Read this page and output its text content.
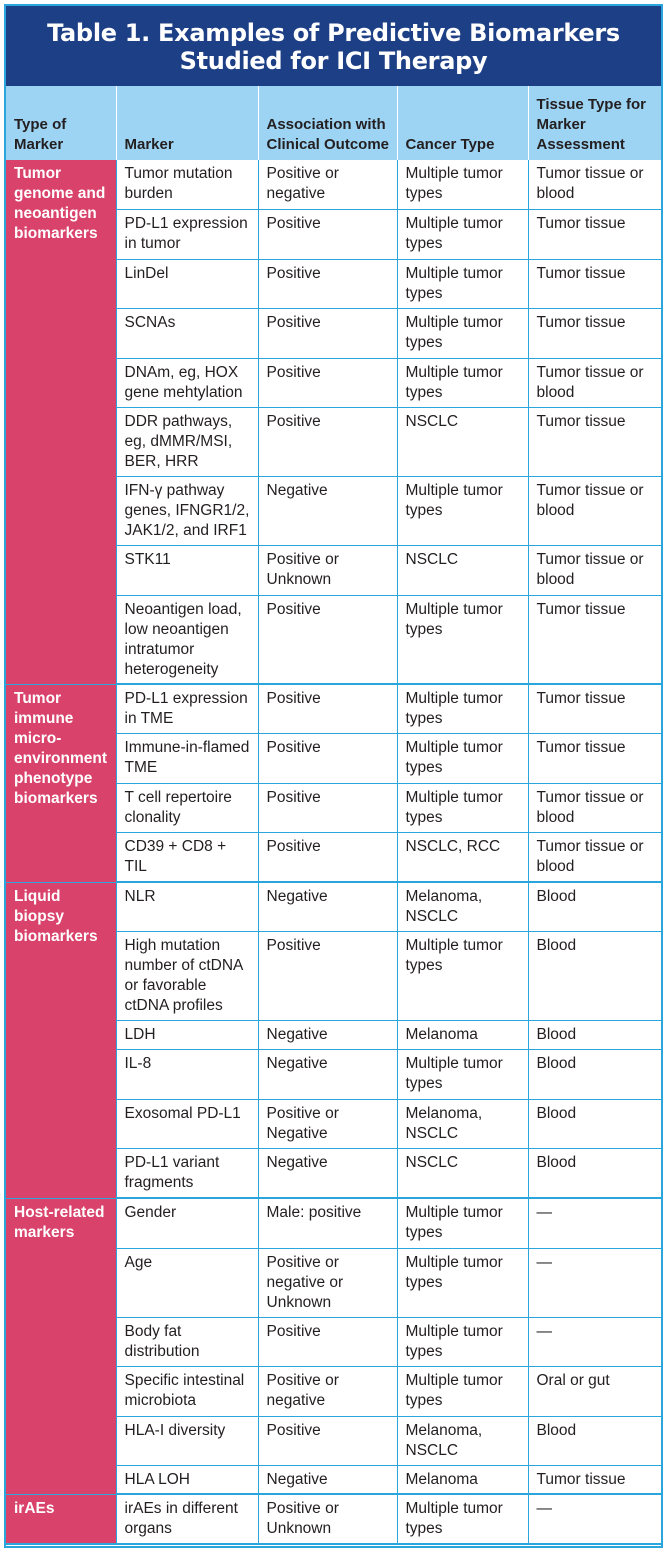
Table 1. Examples of Predictive Biomarkers
Studied for ICI Therapy
Type of Marker	Marker	Association with Clinical Outcome	Cancer Type	Tissue Type for Marker Assessment
Tumor genome and neoantigen biomarkers	Tumor mutation burden	Positive or negative	Multiple tumor types	Tumor tissue or blood
	PD-L1 expression in tumor	Positive	Multiple tumor types	Tumor tissue
	LinDel	Positive	Multiple tumor types	Tumor tissue
	SCNAs	Positive	Multiple tumor types	Tumor tissue
	DNAm, eg, HOX gene mehtylation	Positive	Multiple tumor types	Tumor tissue or blood
	DDR pathways, eg, dMMR/MSI, BER, HRR	Positive	NSCLC	Tumor tissue
	IFN-γ pathway genes, IFNGR1/2, JAK1/2, and IRF1	Negative	Multiple tumor types	Tumor tissue or blood
	STK11	Positive or Unknown	NSCLC	Tumor tissue or blood
	Neoantigen load, low neoantigen intratumor heterogeneity	Positive	Multiple tumor types	Tumor tissue
Tumor immune micro-environment phenotype biomarkers	PD-L1 expression in TME	Positive	Multiple tumor types	Tumor tissue
	Immune-in-flamed TME	Positive	Multiple tumor types	Tumor tissue
	T cell repertoire clonality	Positive	Multiple tumor types	Tumor tissue or blood
	CD39 + CD8 + TIL	Positive	NSCLC, RCC	Tumor tissue or blood
Liquid biopsy biomarkers	NLR	Negative	Melanoma, NSCLC	Blood
	High mutation number of ctDNA or favorable ctDNA profiles	Positive	Multiple tumor types	Blood
	LDH	Negative	Melanoma	Blood
	IL-8	Negative	Multiple tumor types	Blood
	Exosomal PD-L1	Positive or Negative	Melanoma, NSCLC	Blood
	PD-L1 variant fragments	Negative	NSCLC	Blood
Host-related markers	Gender	Male: positive	Multiple tumor types	—
	Age	Positive or negative or Unknown	Multiple tumor types	—
	Body fat distribution	Positive	Multiple tumor types	—
	Specific intestinal microbiota	Positive or negative	Multiple tumor types	Oral or gut
	HLA-I diversity	Positive	Melanoma, NSCLC	Blood
	HLA LOH	Negative	Melanoma	Tumor tissue
irAEs	irAEs in different organs	Positive or Unknown	Multiple tumor types	—
